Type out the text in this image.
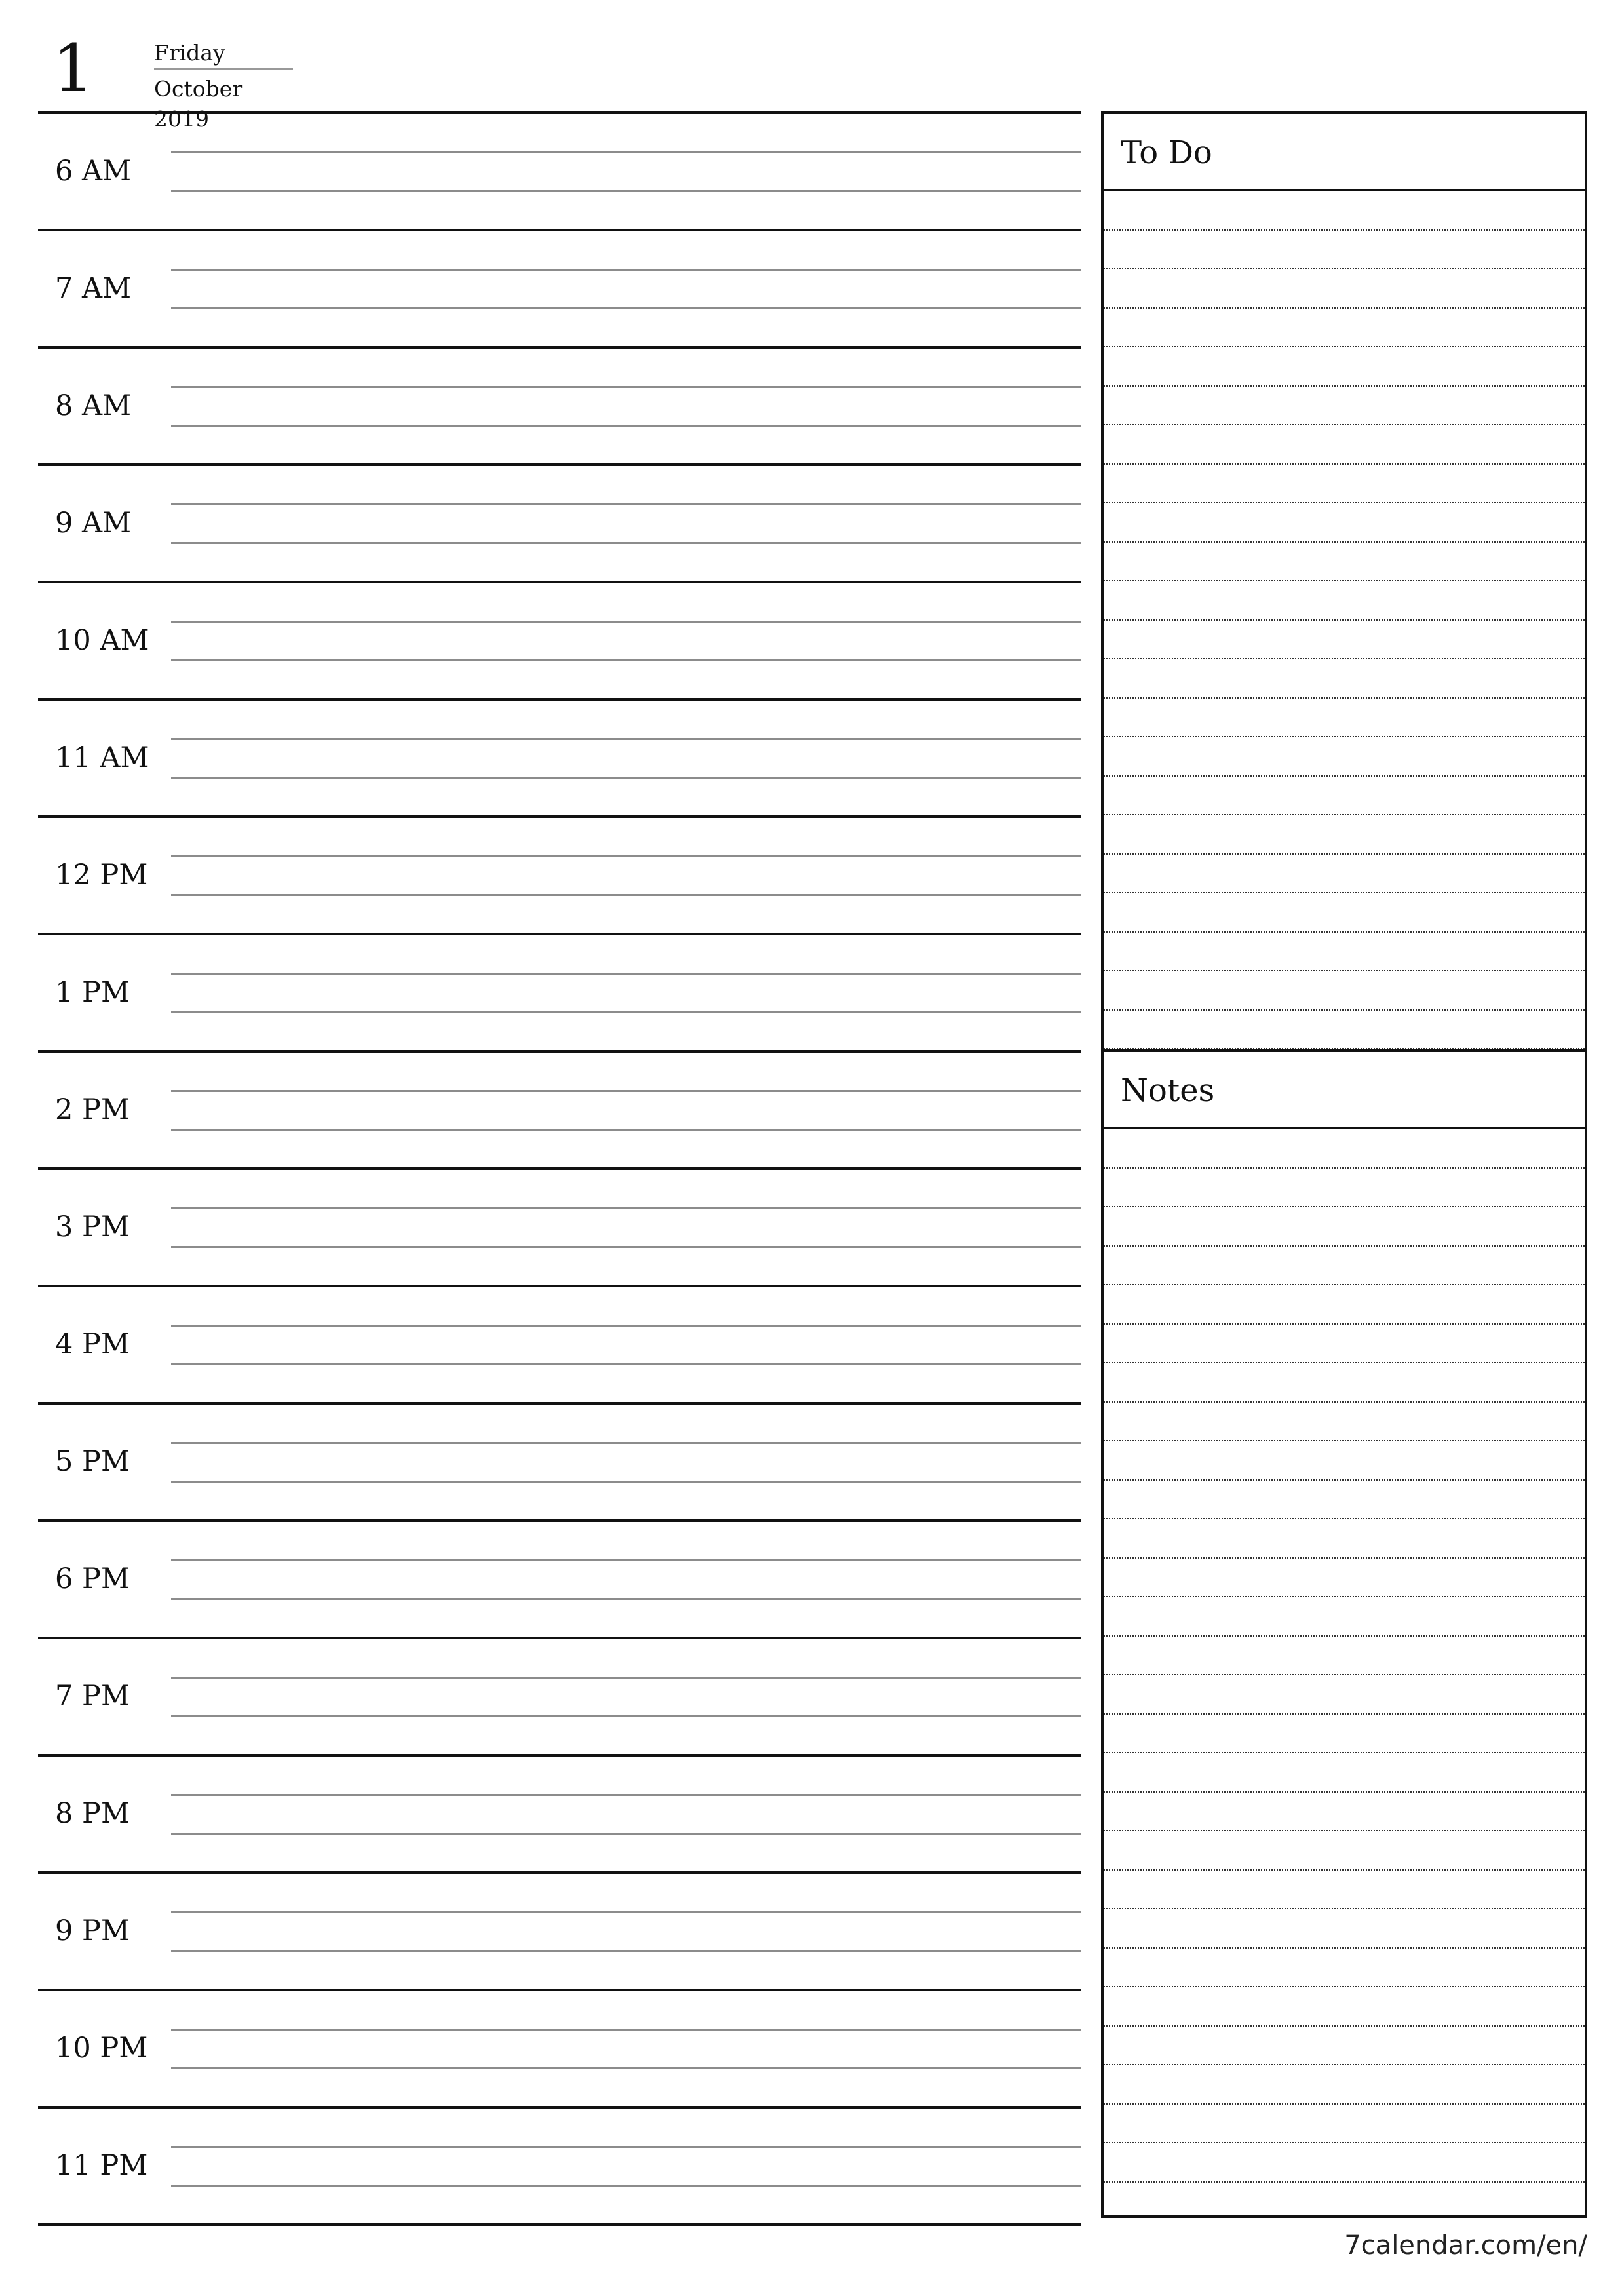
1	Friday
October 2019
6 AM
7 AM
8 AM
9 AM
10 AM
11 AM
12 PM
1 PM
2 PM
3 PM
4 PM
5 PM
6 PM
7 PM
8 PM
9 PM
10 PM
11 PM
To Do
Notes
7calendar.com/en/
